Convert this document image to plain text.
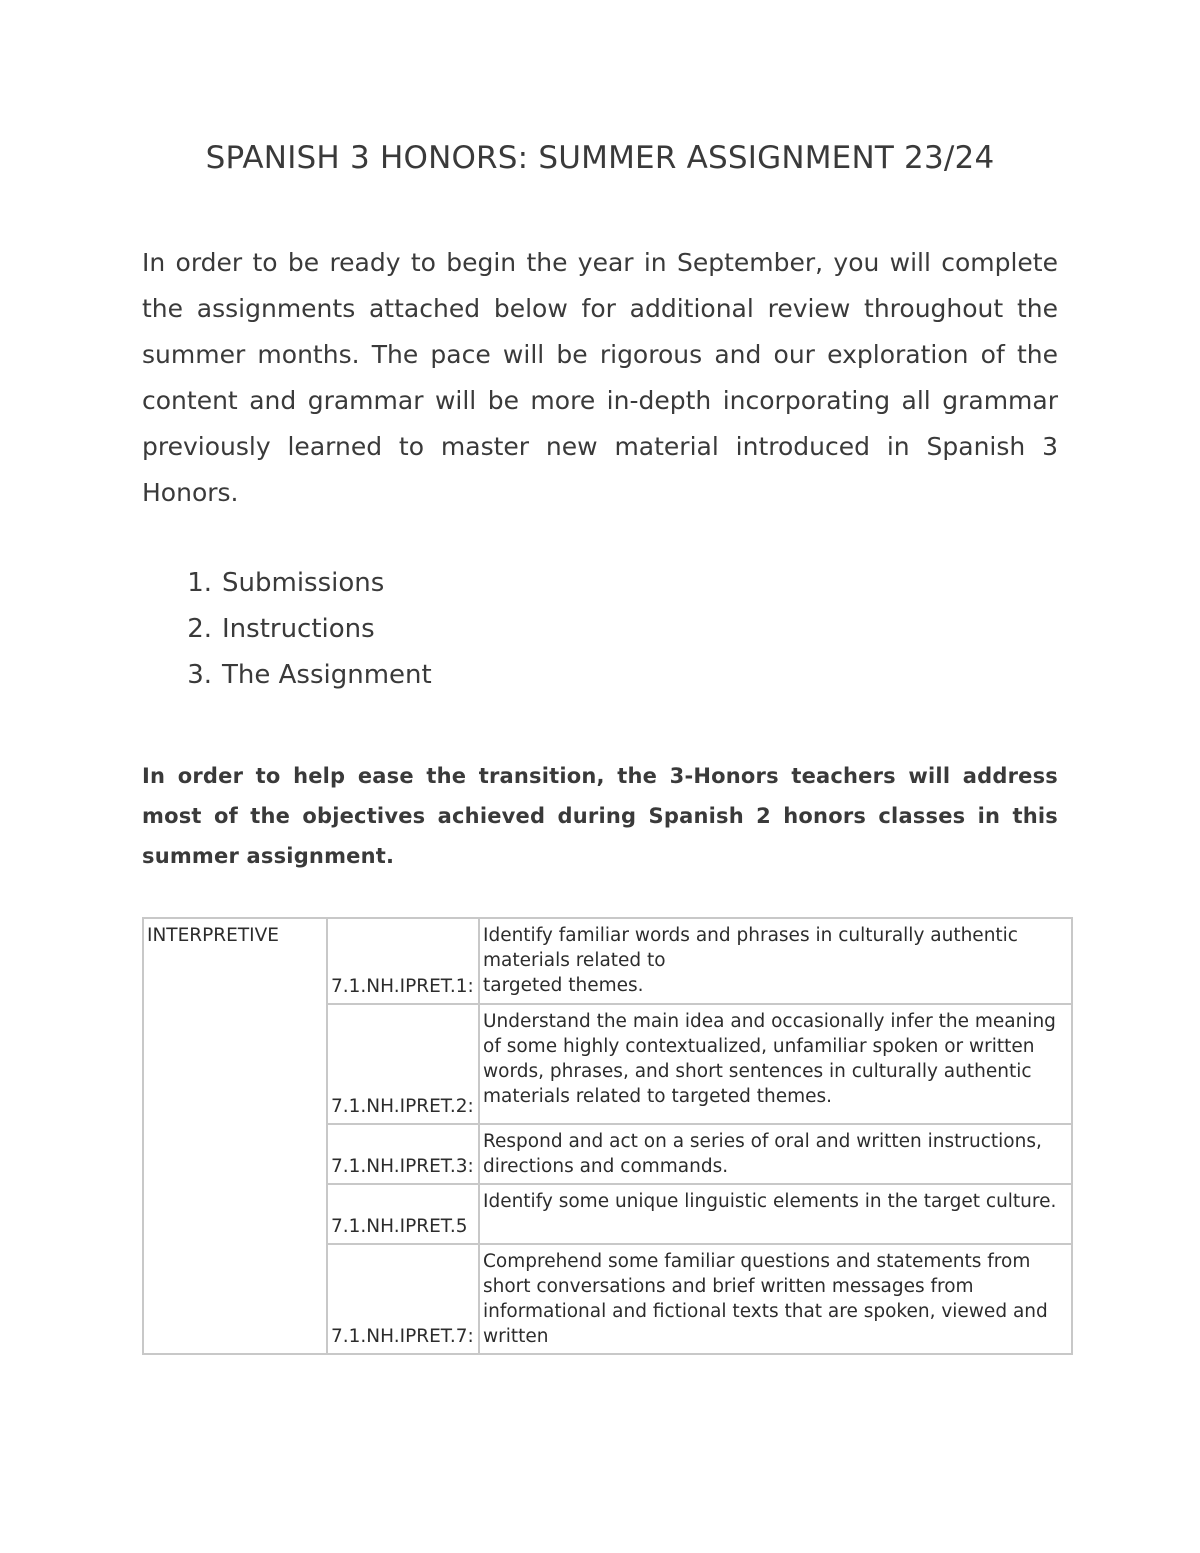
SPANISH 3 HONORS: SUMMER ASSIGNMENT 23/24

In order to be ready to begin the year in September, you will complete the assignments attached below for additional review throughout the summer months. The pace will be rigorous and our exploration of the content and grammar will be more in-depth incorporating all grammar previously learned to master new material introduced in Spanish 3 Honors.

1. Submissions
2. Instructions
3. The Assignment

In order to help ease the transition, the 3-Honors teachers will address most of the objectives achieved during Spanish 2 honors classes in this summer assignment.

INTERPRETIVE	7.1.NH.IPRET.1:	Identify familiar words and phrases in culturally authentic materials related to
targeted themes.
	7.1.NH.IPRET.2:	Understand the main idea and occasionally infer the meaning of some highly contextualized, unfamiliar spoken or written words, phrases, and short sentences in culturally authentic materials related to targeted themes.
	7.1.NH.IPRET.3:	Respond and act on a series of oral and written instructions, directions and commands.
	7.1.NH.IPRET.5	Identify some unique linguistic elements in the target culture.
	7.1.NH.IPRET.7:	Comprehend some familiar questions and statements from short conversations and brief written messages from informational and fictional texts that are spoken, viewed and written
